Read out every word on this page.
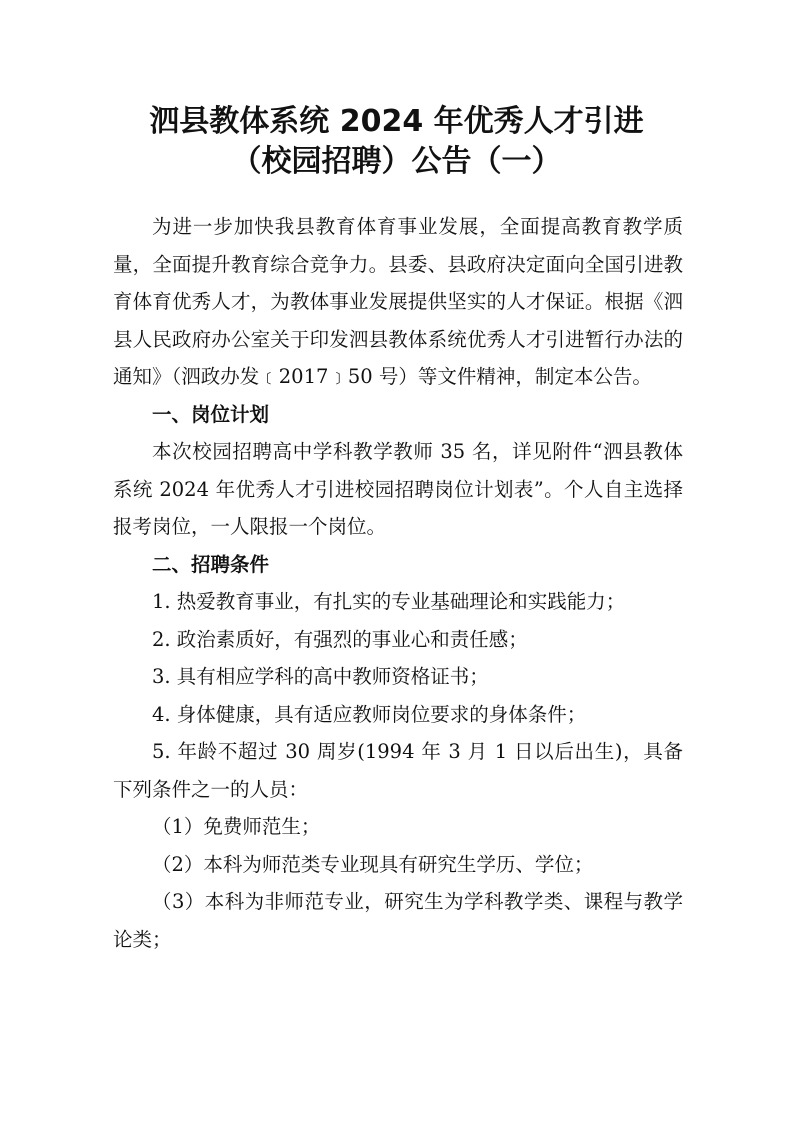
泗县教体系统 2024 年优秀人才引进
（校园招聘）公告（一）

为进一步加快我县教育体育事业发展，全面提高教育教学质量，全面提升教育综合竞争力。县委、县政府决定面向全国引进教育体育优秀人才，为教体事业发展提供坚实的人才保证。根据《泗县人民政府办公室关于印发泗县教体系统优秀人才引进暂行办法的通知》（泗政办发﹝2017﹞50 号）等文件精神，制定本公告。

一、岗位计划

本次校园招聘高中学科教学教师 35 名，详见附件“泗县教体系统 2024 年优秀人才引进校园招聘岗位计划表”。个人自主选择报考岗位，一人限报一个岗位。

二、招聘条件

1. 热爱教育事业，有扎实的专业基础理论和实践能力；

2. 政治素质好，有强烈的事业心和责任感；

3. 具有相应学科的高中教师资格证书；

4. 身体健康，具有适应教师岗位要求的身体条件；

5. 年龄不超过 30 周岁(1994 年 3 月 1 日以后出生)，具备下列条件之一的人员：

（1）免费师范生；

（2）本科为师范类专业现具有研究生学历、学位；

（3）本科为非师范专业，研究生为学科教学类、课程与教学论类；
